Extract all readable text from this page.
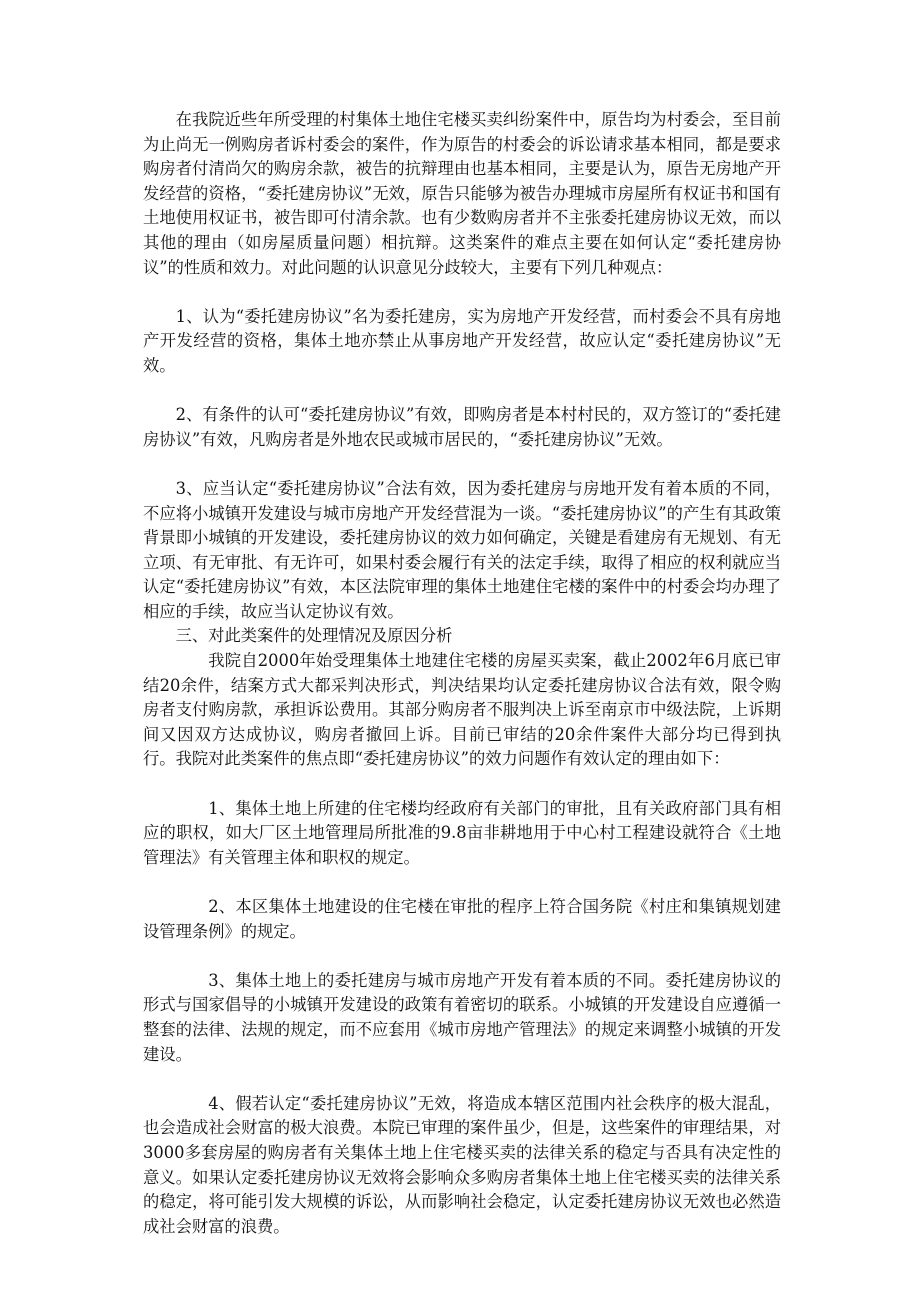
在我院近些年所受理的村集体土地住宅楼买卖纠纷案件中，原告均为村委会，至目前为止尚无一例购房者诉村委会的案件，作为原告的村委会的诉讼请求基本相同，都是要求购房者付清尚欠的购房余款，被告的抗辩理由也基本相同，主要是认为，原告无房地产开发经营的资格，“委托建房协议”无效，原告只能够为被告办理城市房屋所有权证书和国有土地使用权证书，被告即可付清余款。也有少数购房者并不主张委托建房协议无效，而以其他的理由（如房屋质量问题）相抗辩。这类案件的难点主要在如何认定“委托建房协议”的性质和效力。对此问题的认识意见分歧较大，主要有下列几种观点：

1、认为“委托建房协议”名为委托建房，实为房地产开发经营，而村委会不具有房地产开发经营的资格，集体土地亦禁止从事房地产开发经营，故应认定“委托建房协议”无效。

2、有条件的认可“委托建房协议”有效，即购房者是本村村民的，双方签订的“委托建房协议”有效，凡购房者是外地农民或城市居民的，“委托建房协议”无效。

3、应当认定“委托建房协议”合法有效，因为委托建房与房地开发有着本质的不同，不应将小城镇开发建设与城市房地产开发经营混为一谈。“委托建房协议”的产生有其政策背景即小城镇的开发建设，委托建房协议的效力如何确定，关键是看建房有无规划、有无立项、有无审批、有无许可，如果村委会履行有关的法定手续，取得了相应的权利就应当认定“委托建房协议”有效，本区法院审理的集体土地建住宅楼的案件中的村委会均办理了相应的手续，故应当认定协议有效。

三、对此类案件的处理情况及原因分析

我院自2000年始受理集体土地建住宅楼的房屋买卖案，截止2002年6月底已审结20余件，结案方式大都采判决形式，判决结果均认定委托建房协议合法有效，限令购房者支付购房款，承担诉讼费用。其部分购房者不服判决上诉至南京市中级法院，上诉期间又因双方达成协议，购房者撤回上诉。目前已审结的20余件案件大部分均已得到执行。我院对此类案件的焦点即“委托建房协议”的效力问题作有效认定的理由如下：

1、集体土地上所建的住宅楼均经政府有关部门的审批，且有关政府部门具有相应的职权，如大厂区土地管理局所批准的9.8亩非耕地用于中心村工程建设就符合《土地管理法》有关管理主体和职权的规定。

2、本区集体土地建设的住宅楼在审批的程序上符合国务院《村庄和集镇规划建设管理条例》的规定。

3、集体土地上的委托建房与城市房地产开发有着本质的不同。委托建房协议的形式与国家倡导的小城镇开发建设的政策有着密切的联系。小城镇的开发建设自应遵循一整套的法律、法规的规定，而不应套用《城市房地产管理法》的规定来调整小城镇的开发建设。

4、假若认定“委托建房协议”无效，将造成本辖区范围内社会秩序的极大混乱，也会造成社会财富的极大浪费。本院已审理的案件虽少，但是，这些案件的审理结果，对3000多套房屋的购房者有关集体土地上住宅楼买卖的法律关系的稳定与否具有决定性的意义。如果认定委托建房协议无效将会影响众多购房者集体土地上住宅楼买卖的法律关系的稳定，将可能引发大规模的诉讼，从而影响社会稳定，认定委托建房协议无效也必然造成社会财富的浪费。
